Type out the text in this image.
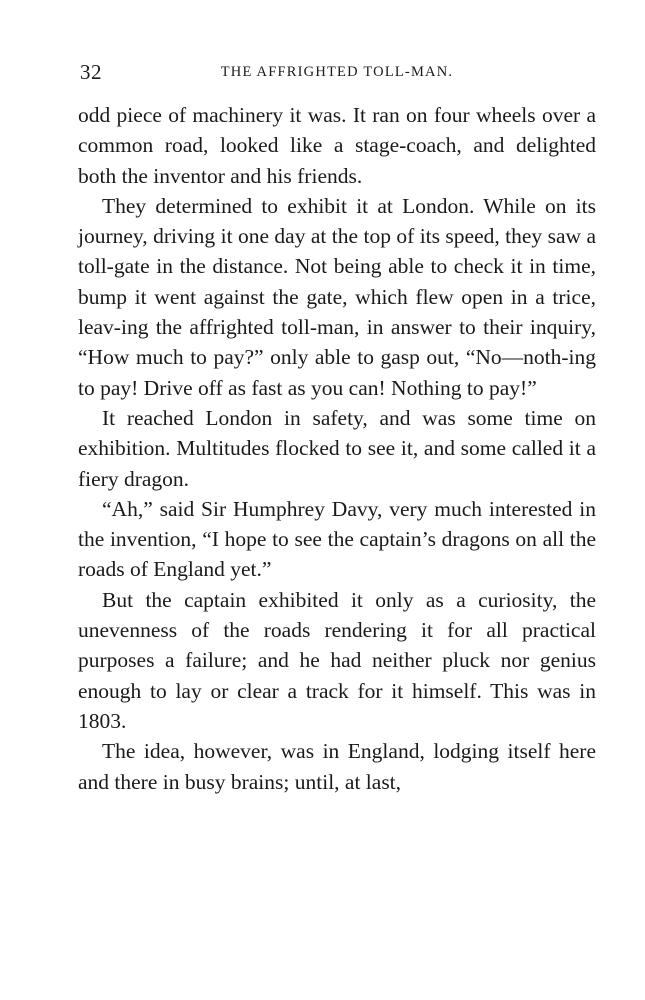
32	THE AFFRIGHTED TOLL-MAN.

odd piece of machinery it was. It ran on four wheels over a common road, looked like a stage-coach, and delighted both the inventor and his friends.

They determined to exhibit it at London. While on its journey, driving it one day at the top of its speed, they saw a toll-gate in the distance. Not being able to check it in time, bump it went against the gate, which flew open in a trice, leav-ing the affrighted toll-man, in answer to their inquiry, “How much to pay?” only able to gasp out, “No—noth-ing to pay! Drive off as fast as you can! Nothing to pay!”

It reached London in safety, and was some time on exhibition. Multitudes flocked to see it, and some called it a fiery dragon.

“Ah,” said Sir Humphrey Davy, very much interested in the invention, “I hope to see the captain’s dragons on all the roads of England yet.”

But the captain exhibited it only as a curiosity, the unevenness of the roads rendering it for all practical purposes a failure; and he had neither pluck nor genius enough to lay or clear a track for it himself. This was in 1803.

The idea, however, was in England, lodging itself here and there in busy brains; until, at last,
